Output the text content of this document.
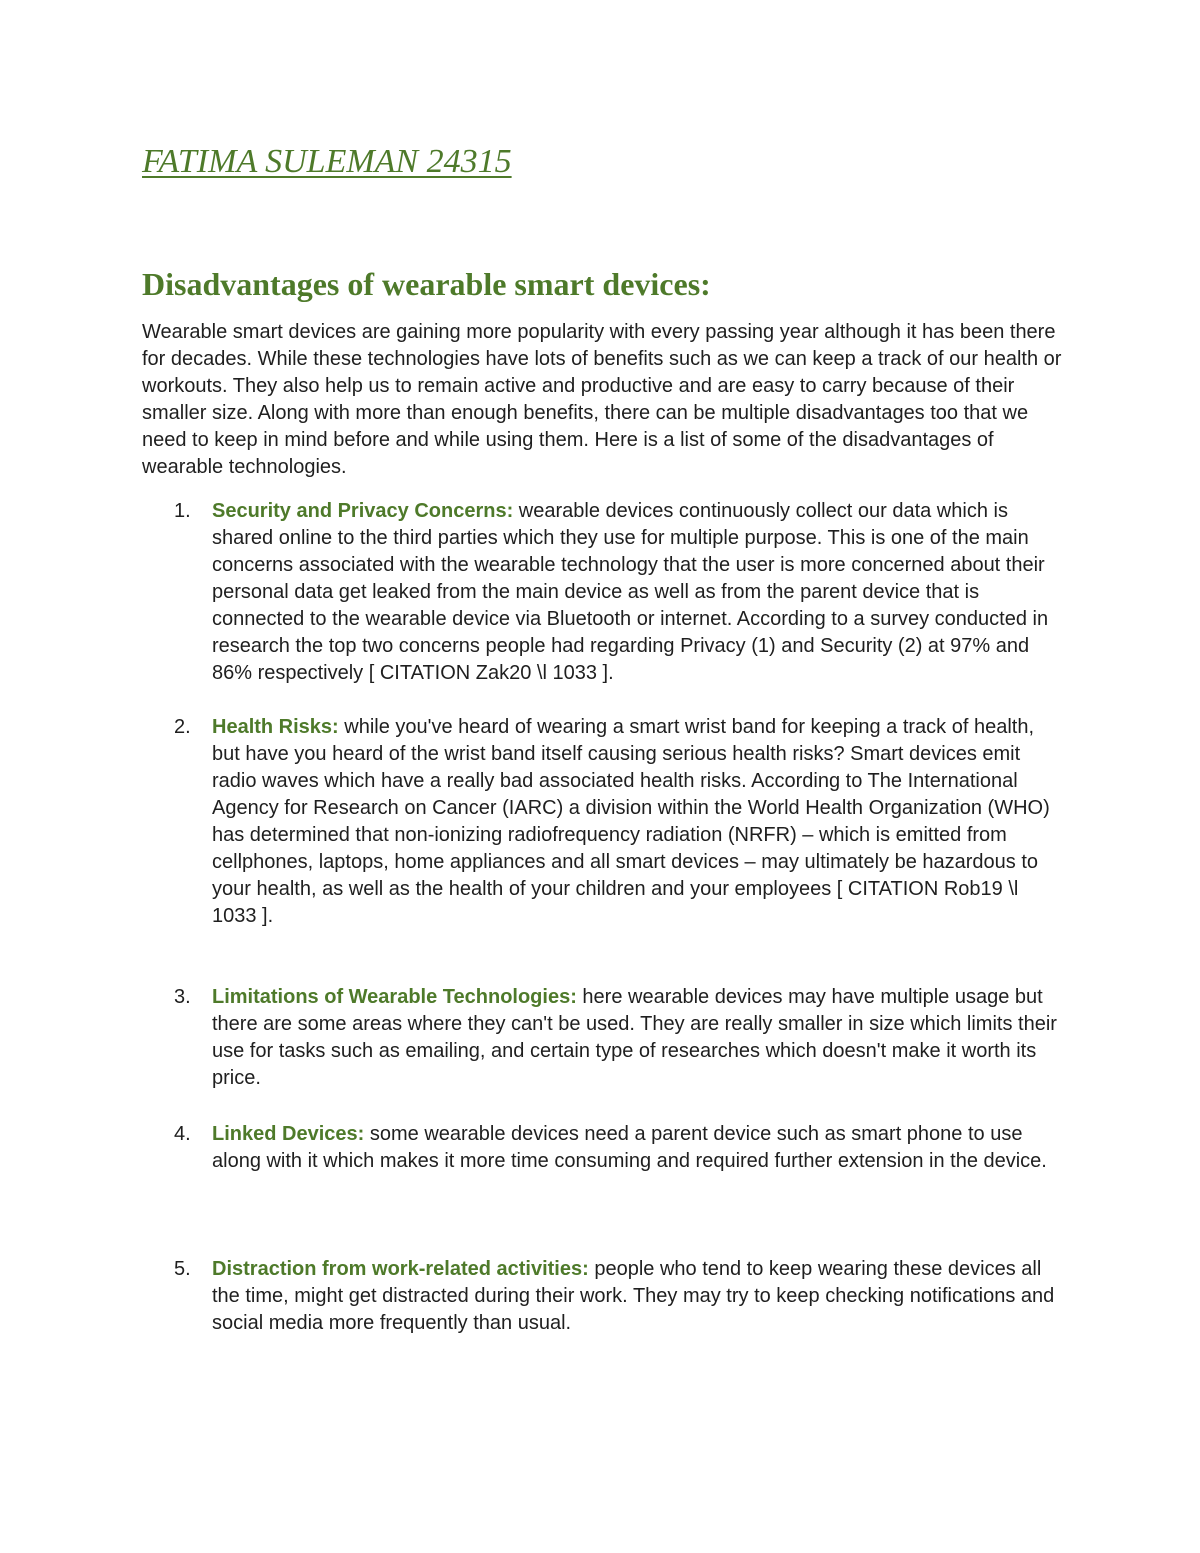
FATIMA SULEMAN 24315
Disadvantages of wearable smart devices:

Wearable smart devices are gaining more popularity with every passing year although it has been there for decades. While these technologies have lots of benefits such as we can keep a track of our health or workouts. They also help us to remain active and productive and are easy to carry because of their smaller size. Along with more than enough benefits, there can be multiple disadvantages too that we need to keep in mind before and while using them. Here is a list of some of the disadvantages of wearable technologies.

1.	Security and Privacy Concerns: wearable devices continuously collect our data which is shared online to the third parties which they use for multiple purpose. This is one of the main concerns associated with the wearable technology that the user is more concerned about their personal data get leaked from the main device as well as from the parent device that is connected to the wearable device via Bluetooth or internet. According to a survey conducted in research the top two concerns people had regarding Privacy (1) and Security (2) at 97% and 86% respectively [ CITATION Zak20 \l 1033 ].

2.	Health Risks: while you've heard of wearing a smart wrist band for keeping a track of health, but have you heard of the wrist band itself causing serious health risks? Smart devices emit radio waves which have a really bad associated health risks. According to The International Agency for Research on Cancer (IARC) a division within the World Health Organization (WHO) has determined that non-ionizing radiofrequency radiation (NRFR) – which is emitted from cellphones, laptops, home appliances and all smart devices – may ultimately be hazardous to your health, as well as the health of your children and your employees [ CITATION Rob19 \l 1033 ].

3.	Limitations of Wearable Technologies: here wearable devices may have multiple usage but there are some areas where they can't be used. They are really smaller in size which limits their use for tasks such as emailing, and certain type of researches which doesn't make it worth its price.

4.	Linked Devices: some wearable devices need a parent device such as smart phone to use along with it which makes it more time consuming and required further extension in the device.

5.	Distraction from work-related activities: people who tend to keep wearing these devices all the time, might get distracted during their work. They may try to keep checking notifications and social media more frequently than usual.
